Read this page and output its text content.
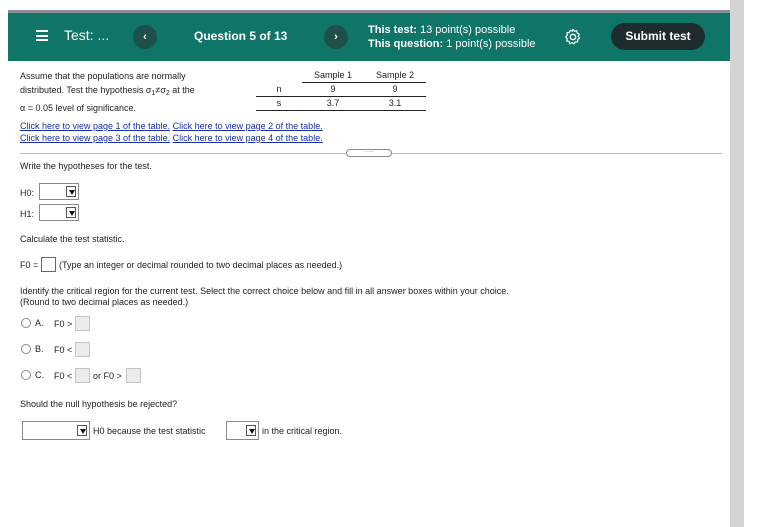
Test: ...	‹	Question 5 of 13	›
This test: 13 point(s) possible
This question: 1 point(s) possible
Submit test
Assume that the populations are normally
distributed. Test the hypothesis $\sigma_1\ne\sigma_2$ at the
α = 0.05 level of significance.
	Sample 1	Sample 2
n	9	9
s	3.7	3.1
Click here to view page 1 of the table. Click here to view page 2 of the table.
Click here to view page 3 of the table. Click here to view page 4 of the table.
·····
Write the hypotheses for the test.
H0:
H1:
Calculate the test statistic.
F0 = (Type an integer or decimal rounded to two decimal places as needed.)
Identify the critical region for the current test. Select the correct choice below and fill in all answer boxes within your choice.
(Round to two decimal places as needed.)
A. F0 >
B. F0 <
C. F0 < or F0 >
Should the null hypothesis be rejected?
H0 because the test statistic	in the critical region.
